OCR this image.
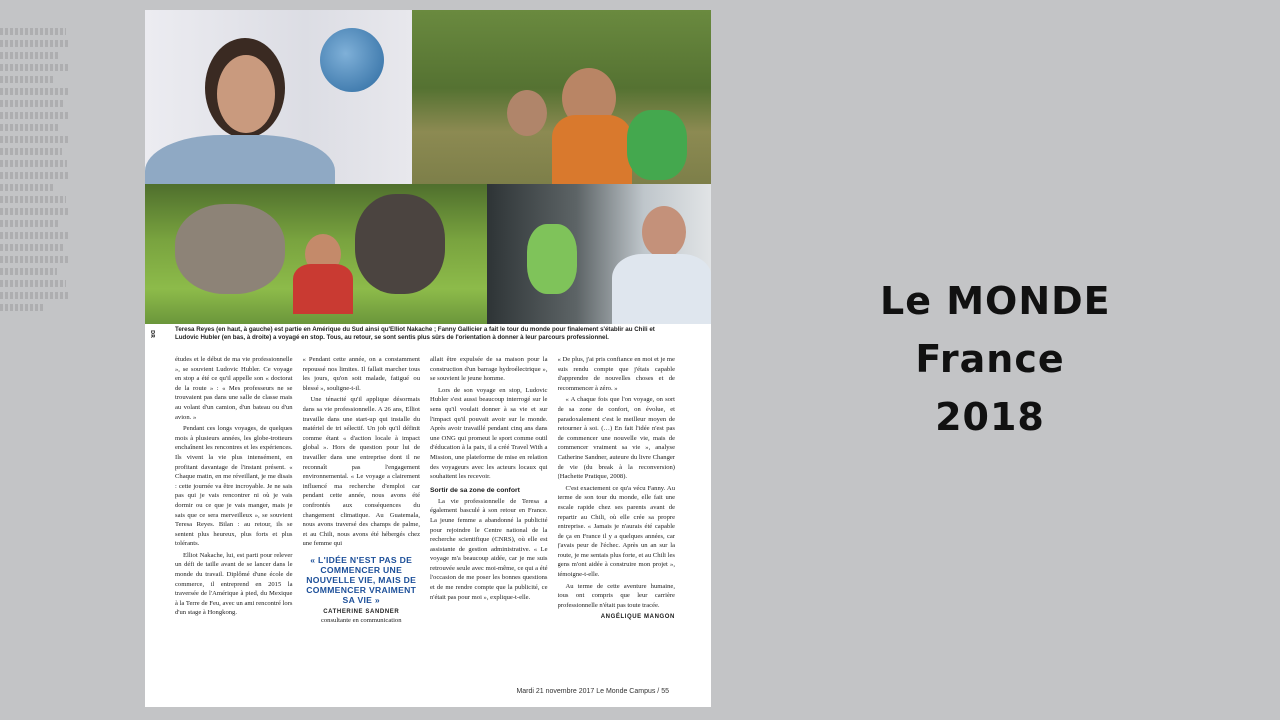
DR
Teresa Reyes (en haut, à gauche) est partie en Amérique du Sud ainsi qu'Elliot Nakache ; Fanny Gallicier a fait le tour du monde pour finalement s'établir au Chili et Ludovic Hubler (en bas, à droite) a voyagé en stop. Tous, au retour, se sont sentis plus sûrs de l'orientation à donner à leur parcours professionnel.

études et le début de ma vie professionnelle », se souvient Ludovic Hubler. Ce voyage en stop a été ce qu'il appelle son « doctorat de la route » : « Mes professeurs ne se trouvaient pas dans une salle de classe mais au volant d'un camion, d'un bateau ou d'un avion. »

Pendant ces longs voyages, de quelques mois à plusieurs années, les globe-trotteurs enchaînent les rencontres et les expériences. Ils vivent la vie plus intensément, en profitant davantage de l'instant présent. « Chaque matin, en me réveillant, je me disais : cette journée va être incroyable. Je ne sais pas qui je vais rencontrer ni où je vais dormir ou ce que je vais manger, mais je sais que ce sera merveilleux », se souvient Teresa Reyes. Bilan : au retour, ils se sentent plus heureux, plus forts et plus tolérants.

Elliot Nakache, lui, est parti pour relever un défi de taille avant de se lancer dans le monde du travail. Diplômé d'une école de commerce, il entreprend en 2015 la traversée de l'Amérique à pied, du Mexique à la Terre de Feu, avec un ami rencontré lors d'un stage à Hongkong.

« Pendant cette année, on a constamment repoussé nos limites. Il fallait marcher tous les jours, qu'on soit malade, fatigué ou blessé », souligne-t-il.

Une ténacité qu'il applique désormais dans sa vie professionnelle. A 26 ans, Elliot travaille dans une start-up qui installe du matériel de tri sélectif. Un job qu'il définit comme étant « d'action locale à impact global ». Hors de question pour lui de travailler dans une entreprise dont il ne reconnaît pas l'engagement environnemental. « Le voyage a clairement influencé ma recherche d'emploi car pendant cette année, nous avons été confrontés aux conséquences du changement climatique. Au Guatemala, nous avons traversé des champs de palme, et au Chili, nous avons été hébergés chez une femme qui

« L'IDÉE N'EST PAS DE COMMENCER UNE NOUVELLE VIE, MAIS DE COMMENCER VRAIMENT SA VIE »
CATHERINE SANDNER
consultante en communication

allait être expulsée de sa maison pour la construction d'un barrage hydroélectrique », se souvient le jeune homme.

Lors de son voyage en stop, Ludovic Hubler s'est aussi beaucoup interrogé sur le sens qu'il voulait donner à sa vie et sur l'impact qu'il pouvait avoir sur le monde. Après avoir travaillé pendant cinq ans dans une ONG qui promeut le sport comme outil d'éducation à la paix, il a créé Travel With a Mission, une plateforme de mise en relation des voyageurs avec les acteurs locaux qui souhaitent les recevoir.

Sortir de sa zone de confort

La vie professionnelle de Teresa a également basculé à son retour en France. La jeune femme a abandonné la publicité pour rejoindre le Centre national de la recherche scientifique (CNRS), où elle est assistante de gestion administrative. « Le voyage m'a beaucoup aidée, car je me suis retrouvée seule avec moi-même, ce qui a été l'occasion de me poser les bonnes questions et de me rendre compte que la publicité, ce n'était pas pour moi », explique-t-elle.

« De plus, j'ai pris confiance en moi et je me suis rendu compte que j'étais capable d'apprendre de nouvelles choses et de recommencer à zéro. »

« A chaque fois que l'on voyage, on sort de sa zone de confort, on évolue, et paradoxalement c'est le meilleur moyen de retourner à soi. (…) En fait l'idée n'est pas de commencer une nouvelle vie, mais de commencer vraiment sa vie », analyse Catherine Sandner, auteure du livre Changer de vie (du break à la reconversion) (Hachette Pratique, 2008).

C'est exactement ce qu'a vécu Fanny. Au terme de son tour du monde, elle fait une escale rapide chez ses parents avant de repartir au Chili, où elle crée sa propre entreprise. « Jamais je n'aurais été capable de ça en France il y a quelques années, car j'avais peur de l'échec. Après un an sur la route, je me sentais plus forte, et au Chili les gens m'ont aidée à construire mon projet », témoigne-t-elle.

Au terme de cette aventure humaine, tous ont compris que leur carrière professionnelle n'était pas toute tracée.

ANGÉLIQUE MANGON
Mardi 21 novembre 2017 Le Monde Campus / 55
Le MONDE
France
2018
